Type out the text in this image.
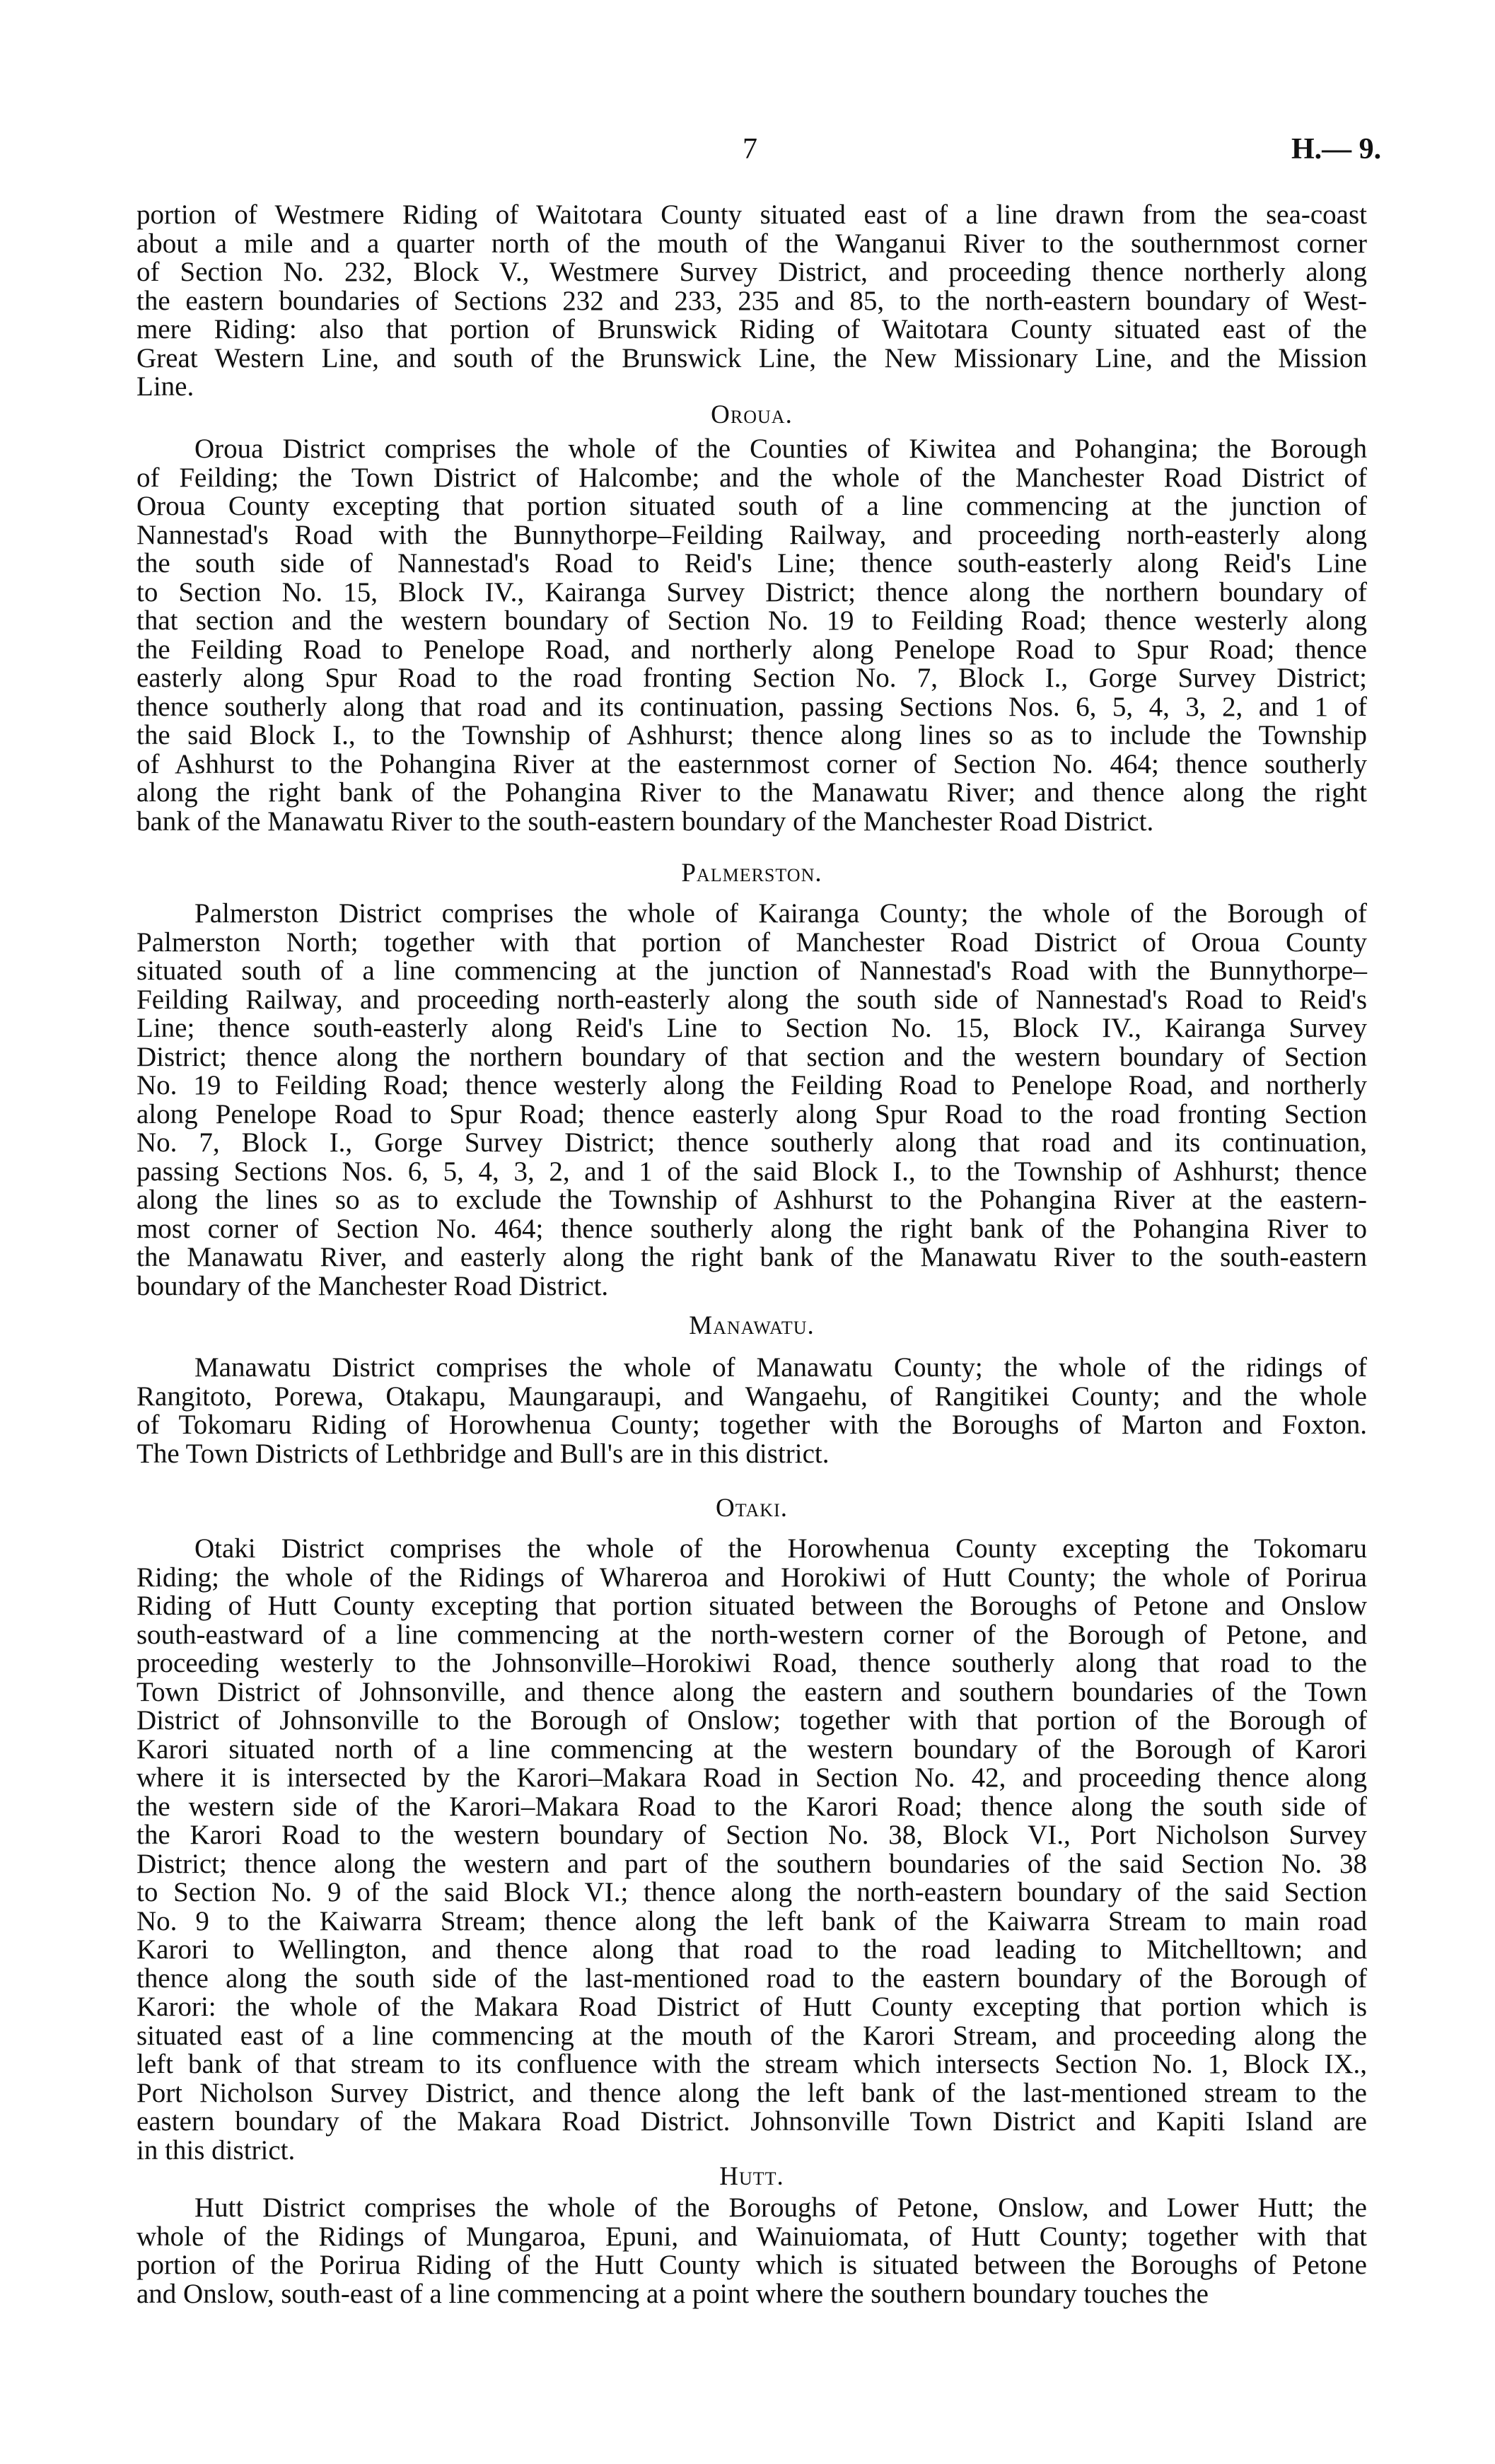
7	H.— 9.
portion of Westmere Riding of Waitotara County situated east of a line drawn from the sea-coast
about a mile and a quarter north of the mouth of the Wanganui River to the southernmost corner
of Section No. 232, Block V., Westmere Survey District, and proceeding thence northerly along
the eastern boundaries of Sections 232 and 233, 235 and 85, to the north-eastern boundary of West-
mere Riding: also that portion of Brunswick Riding of Waitotara County situated east of the
Great Western Line, and south of the Brunswick Line, the New Missionary Line, and the Mission
Line.
Oroua.
Oroua District comprises the whole of the Counties of Kiwitea and Pohangina; the Borough
of Feilding; the Town District of Halcombe; and the whole of the Manchester Road District of
Oroua County excepting that portion situated south of a line commencing at the junction of
Nannestad's Road with the Bunnythorpe–Feilding Railway, and proceeding north-easterly along
the south side of Nannestad's Road to Reid's Line; thence south-easterly along Reid's Line
to Section No. 15, Block IV., Kairanga Survey District; thence along the northern boundary of
that section and the western boundary of Section No. 19 to Feilding Road; thence westerly along
the Feilding Road to Penelope Road, and northerly along Penelope Road to Spur Road; thence
easterly along Spur Road to the road fronting Section No. 7, Block I., Gorge Survey District;
thence southerly along that road and its continuation, passing Sections Nos. 6, 5, 4, 3, 2, and 1 of
the said Block I., to the Township of Ashhurst; thence along lines so as to include the Township
of Ashhurst to the Pohangina River at the easternmost corner of Section No. 464; thence southerly
along the right bank of the Pohangina River to the Manawatu River; and thence along the right
bank of the Manawatu River to the south-eastern boundary of the Manchester Road District.
Palmerston.
Palmerston District comprises the whole of Kairanga County; the whole of the Borough of
Palmerston North; together with that portion of Manchester Road District of Oroua County
situated south of a line commencing at the junction of Nannestad's Road with the Bunnythorpe–
Feilding Railway, and proceeding north-easterly along the south side of Nannestad's Road to Reid's
Line; thence south-easterly along Reid's Line to Section No. 15, Block IV., Kairanga Survey
District; thence along the northern boundary of that section and the western boundary of Section
No. 19 to Feilding Road; thence westerly along the Feilding Road to Penelope Road, and northerly
along Penelope Road to Spur Road; thence easterly along Spur Road to the road fronting Section
No. 7, Block I., Gorge Survey District; thence southerly along that road and its continuation,
passing Sections Nos. 6, 5, 4, 3, 2, and 1 of the said Block I., to the Township of Ashhurst; thence
along the lines so as to exclude the Township of Ashhurst to the Pohangina River at the eastern-
most corner of Section No. 464; thence southerly along the right bank of the Pohangina River to
the Manawatu River, and easterly along the right bank of the Manawatu River to the south-eastern
boundary of the Manchester Road District.
Manawatu.
Manawatu District comprises the whole of Manawatu County; the whole of the ridings of
Rangitoto, Porewa, Otakapu, Maungaraupi, and Wangaehu, of Rangitikei County; and the whole
of Tokomaru Riding of Horowhenua County; together with the Boroughs of Marton and Foxton.
The Town Districts of Lethbridge and Bull's are in this district.
Otaki.
Otaki District comprises the whole of the Horowhenua County excepting the Tokomaru
Riding; the whole of the Ridings of Whareroa and Horokiwi of Hutt County; the whole of Porirua
Riding of Hutt County excepting that portion situated between the Boroughs of Petone and Onslow
south-eastward of a line commencing at the north-western corner of the Borough of Petone, and
proceeding westerly to the Johnsonville–Horokiwi Road, thence southerly along that road to the
Town District of Johnsonville, and thence along the eastern and southern boundaries of the Town
District of Johnsonville to the Borough of Onslow; together with that portion of the Borough of
Karori situated north of a line commencing at the western boundary of the Borough of Karori
where it is intersected by the Karori–Makara Road in Section No. 42, and proceeding thence along
the western side of the Karori–Makara Road to the Karori Road; thence along the south side of
the Karori Road to the western boundary of Section No. 38, Block VI., Port Nicholson Survey
District; thence along the western and part of the southern boundaries of the said Section No. 38
to Section No. 9 of the said Block VI.; thence along the north-eastern boundary of the said Section
No. 9 to the Kaiwarra Stream; thence along the left bank of the Kaiwarra Stream to main road
Karori to Wellington, and thence along that road to the road leading to Mitchelltown; and
thence along the south side of the last-mentioned road to the eastern boundary of the Borough of
Karori: the whole of the Makara Road District of Hutt County excepting that portion which is
situated east of a line commencing at the mouth of the Karori Stream, and proceeding along the
left bank of that stream to its confluence with the stream which intersects Section No. 1, Block IX.,
Port Nicholson Survey District, and thence along the left bank of the last-mentioned stream to the
eastern boundary of the Makara Road District. Johnsonville Town District and Kapiti Island are
in this district.
Hutt.
Hutt District comprises the whole of the Boroughs of Petone, Onslow, and Lower Hutt; the
whole of the Ridings of Mungaroa, Epuni, and Wainuiomata, of Hutt County; together with that
portion of the Porirua Riding of the Hutt County which is situated between the Boroughs of Petone
and Onslow, south-east of a line commencing at a point where the southern boundary touches the
